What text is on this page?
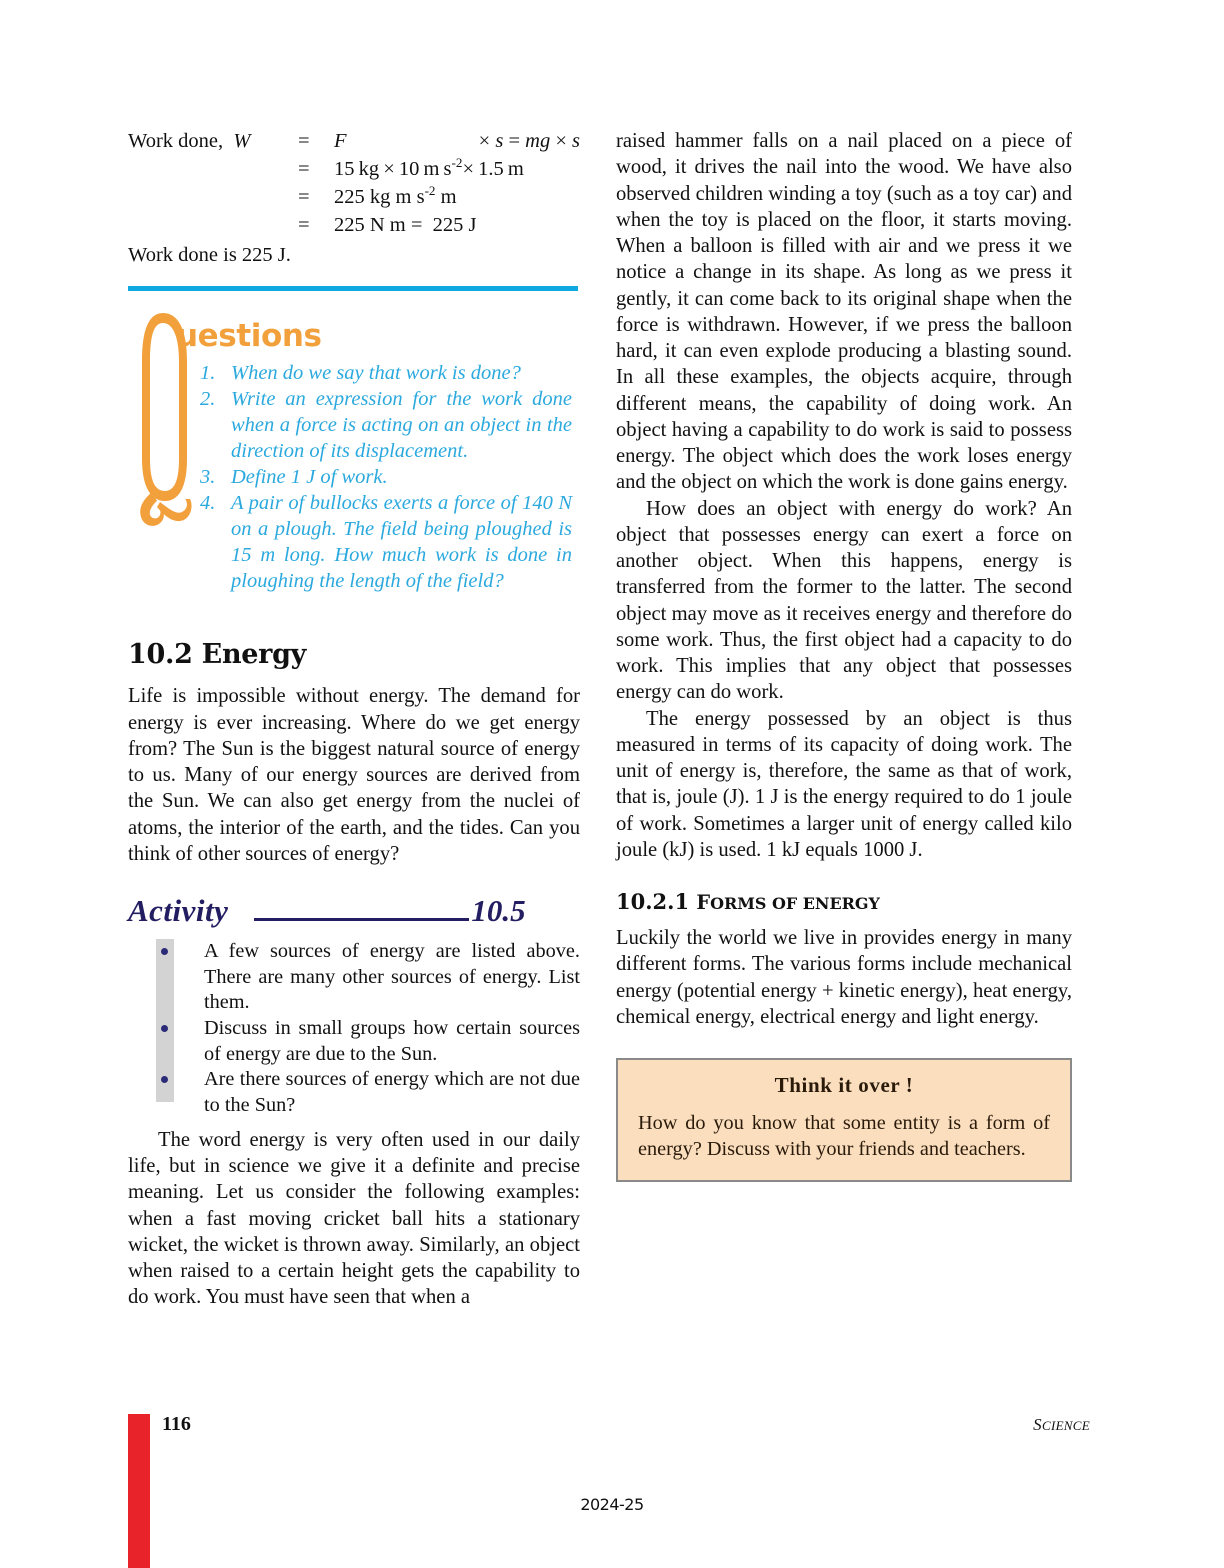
Work done,  W	=	F	× s = mg × s
=	15 kg × 10 m $s^{-2}\times 1.5$ m
=	225 kg m $s^{-2}$ m
=	225 N m =  225 J
Work done is 225 J.
uestions
1. When do we say that work is done?
2. Write an expression for the work done when a force is acting on an object in the direction of its displacement.
3. Define 1 J of work.
4. A pair of bullocks exerts a force of 140 N on a plough. The field being ploughed is 15 m long. How much work is done in ploughing the length of the field?
10.2 Energy

Life is impossible without energy. The demand for energy is ever increasing. Where do we get energy from? The Sun is the biggest natural source of energy to us. Many of our energy sources are derived from the Sun. We can also get energy from the nuclei of atoms, the interior of the earth, and the tides. Can you think of other sources of energy?

Activity	10.5
A few sources of energy are listed above. There are many other sources of energy. List them.
Discuss in small groups how certain sources of energy are due to the Sun.
Are there sources of energy which are not due to the Sun?

The word energy is very often used in our daily life, but in science we give it a definite and precise meaning. Let us consider the following examples: when a fast moving cricket ball hits a stationary wicket, the wicket is thrown away. Similarly, an object when raised to a certain height gets the capability to do work. You must have seen that when a

raised hammer falls on a nail placed on a piece of wood, it drives the nail into the wood. We have also observed children winding a toy (such as a toy car) and when the toy is placed on the floor, it starts moving. When a balloon is filled with air and we press it we notice a change in its shape. As long as we press it gently, it can come back to its original shape when the force is withdrawn. However, if we press the balloon hard, it can even explode producing a blasting sound. In all these examples, the objects acquire, through different means, the capability of doing work. An object having a capability to do work is said to possess energy. The object which does the work loses energy and the object on which the work is done gains energy.

How does an object with energy do work? An object that possesses energy can exert a force on another object. When this happens, energy is transferred from the former to the latter. The second object may move as it receives energy and therefore do some work. Thus, the first object had a capacity to do work. This implies that any object that possesses energy can do work.

The energy possessed by an object is thus measured in terms of its capacity of doing work. The unit of energy is, therefore, the same as that of work, that is, joule (J). 1 J is the energy required to do 1 joule of work. Sometimes a larger unit of energy called kilo joule (kJ) is used. 1 kJ equals 1000 J.

10.2.1 FORMS OF ENERGY

Luckily the world we live in provides energy in many different forms. The various forms include mechanical energy (potential energy + kinetic energy), heat energy, chemical energy, electrical energy and light energy.

Think it over !
How do you know that some entity is a form of energy? Discuss with your friends and teachers.
116	SCIENCE
2024-25
